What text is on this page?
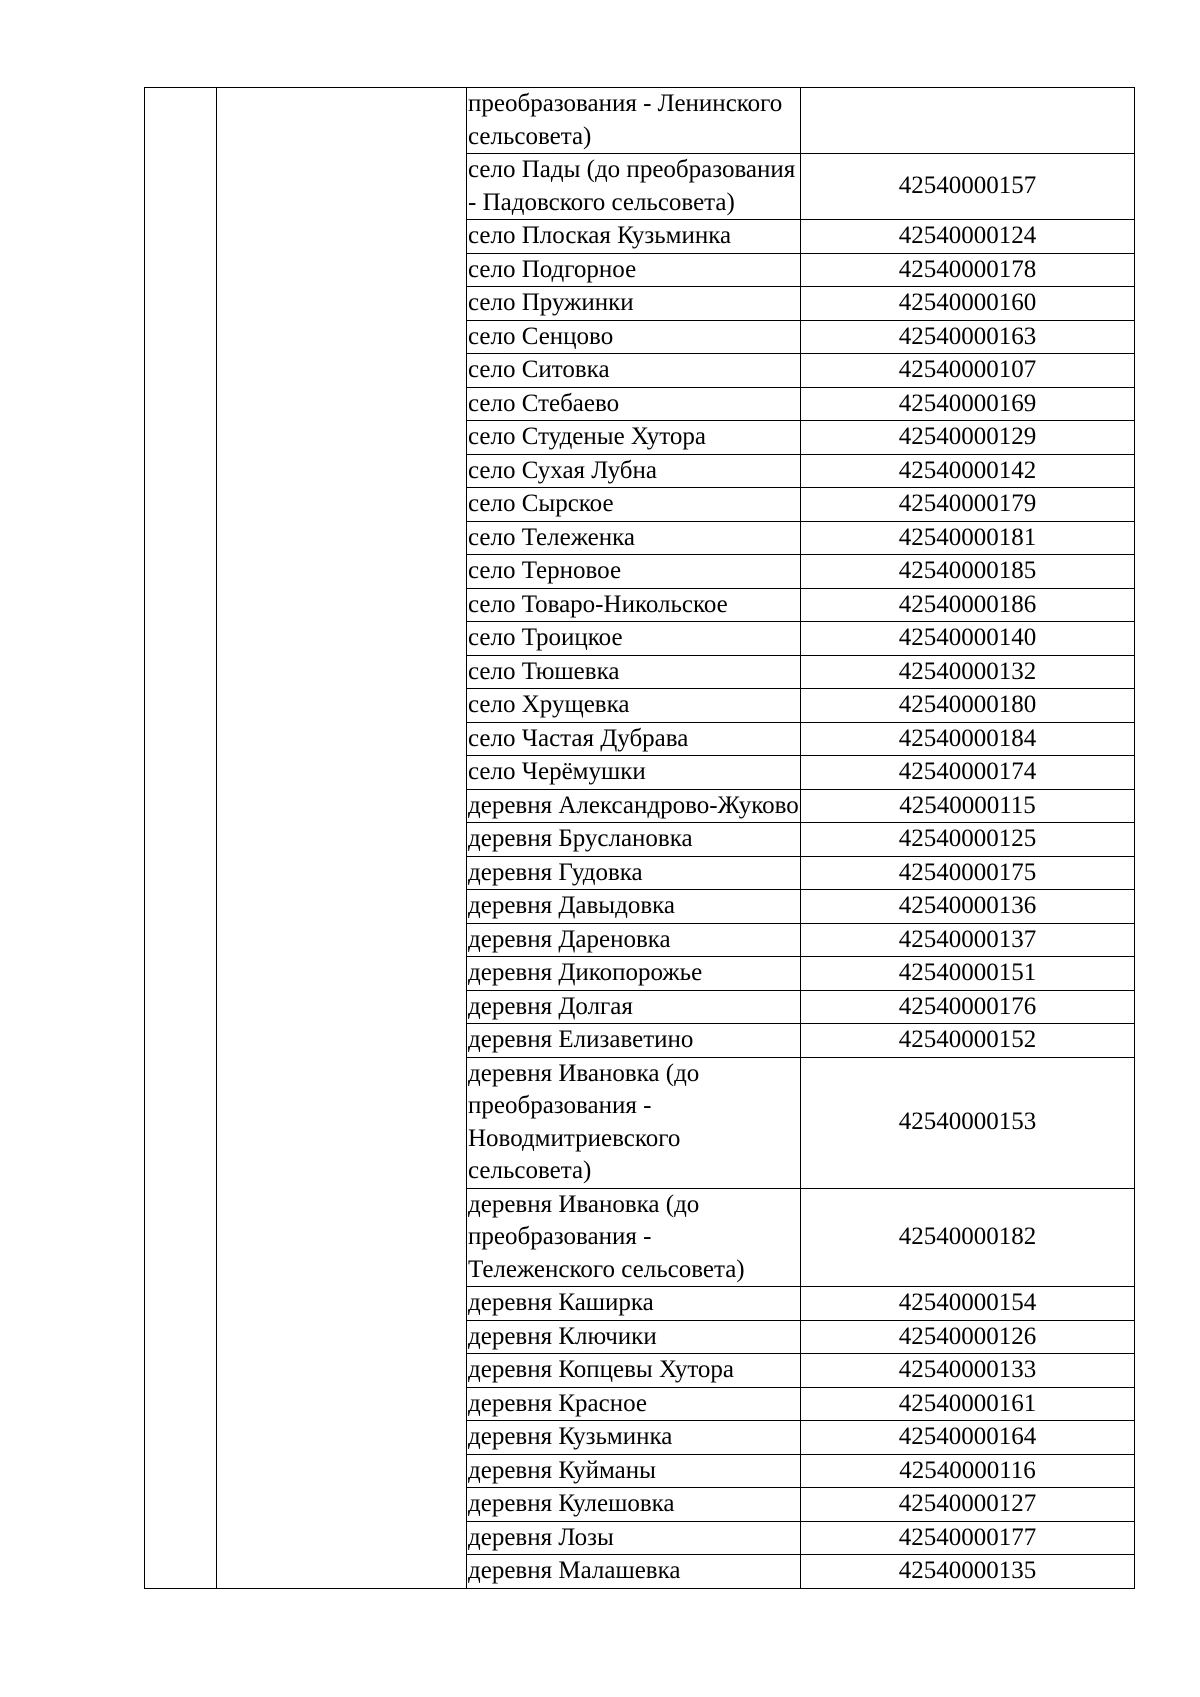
		преобразования - Ленинского сельсовета)	
		село Пады (до преобразования - Падовского сельсовета)	42540000157
		село Плоская Кузьминка	42540000124
		село Подгорное	42540000178
		село Пружинки	42540000160
		село Сенцово	42540000163
		село Ситовка	42540000107
		село Стебаево	42540000169
		село Студеные Хутора	42540000129
		село Сухая Лубна	42540000142
		село Сырское	42540000179
		село Тележенка	42540000181
		село Терновое	42540000185
		село Товаро-Никольское	42540000186
		село Троицкое	42540000140
		село Тюшевка	42540000132
		село Хрущевка	42540000180
		село Частая Дубрава	42540000184
		село Черёмушки	42540000174
		деревня Александрово-Жуково	42540000115
		деревня Бруслановка	42540000125
		деревня Гудовка	42540000175
		деревня Давыдовка	42540000136
		деревня Дареновка	42540000137
		деревня Дикопорожье	42540000151
		деревня Долгая	42540000176
		деревня Елизаветино	42540000152
		деревня Ивановка (до преобразования - Новодмитриевского сельсовета)	42540000153
		деревня Ивановка (до преобразования - Тележенского сельсовета)	42540000182
		деревня Каширка	42540000154
		деревня Ключики	42540000126
		деревня Копцевы Хутора	42540000133
		деревня Красное	42540000161
		деревня Кузьминка	42540000164
		деревня Куйманы	42540000116
		деревня Кулешовка	42540000127
		деревня Лозы	42540000177
		деревня Малашевка	42540000135
